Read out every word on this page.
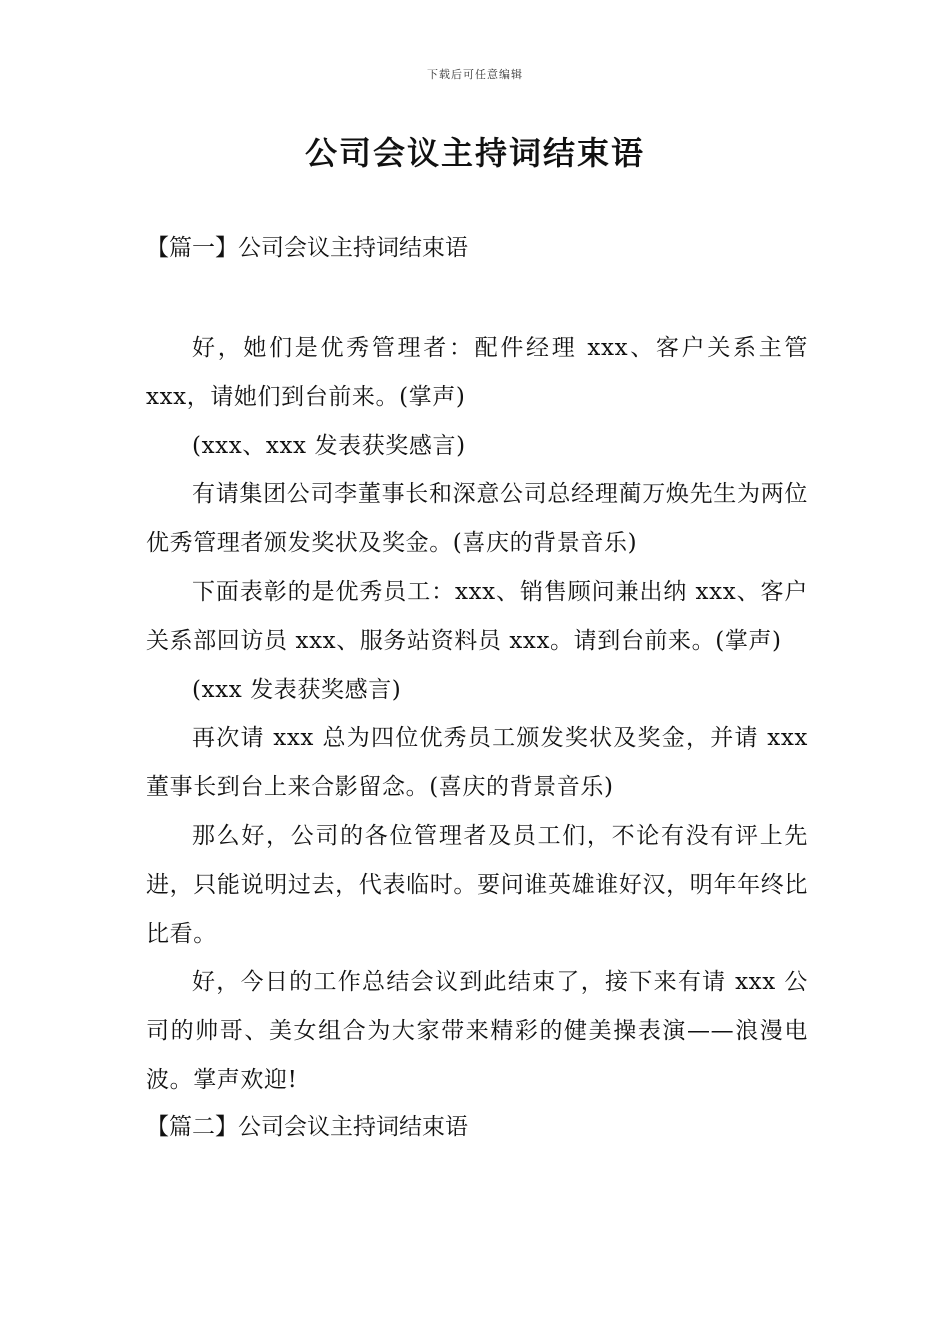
下载后可任意编辑
公司会议主持词结束语

【篇一】公司会议主持词结束语

好，她们是优秀管理者：配件经理 xxx、客户关系主管 xxx，请她们到台前来。(掌声)

(xxx、xxx 发表获奖感言)

有请集团公司李董事长和深意公司总经理蔺万焕先生为两位优秀管理者颁发奖状及奖金。(喜庆的背景音乐)

下面表彰的是优秀员工：xxx、销售顾问兼出纳 xxx、客户关系部回访员 xxx、服务站资料员 xxx。请到台前来。(掌声)

(xxx 发表获奖感言)

再次请 xxx 总为四位优秀员工颁发奖状及奖金，并请 xxx 董事长到台上来合影留念。(喜庆的背景音乐)

那么好，公司的各位管理者及员工们，不论有没有评上先进，只能说明过去，代表临时。要问谁英雄谁好汉，明年年终比比看。

好，今日的工作总结会议到此结束了，接下来有请 xxx 公司的帅哥、美女组合为大家带来精彩的健美操表演——浪漫电波。掌声欢迎!

【篇二】公司会议主持词结束语
